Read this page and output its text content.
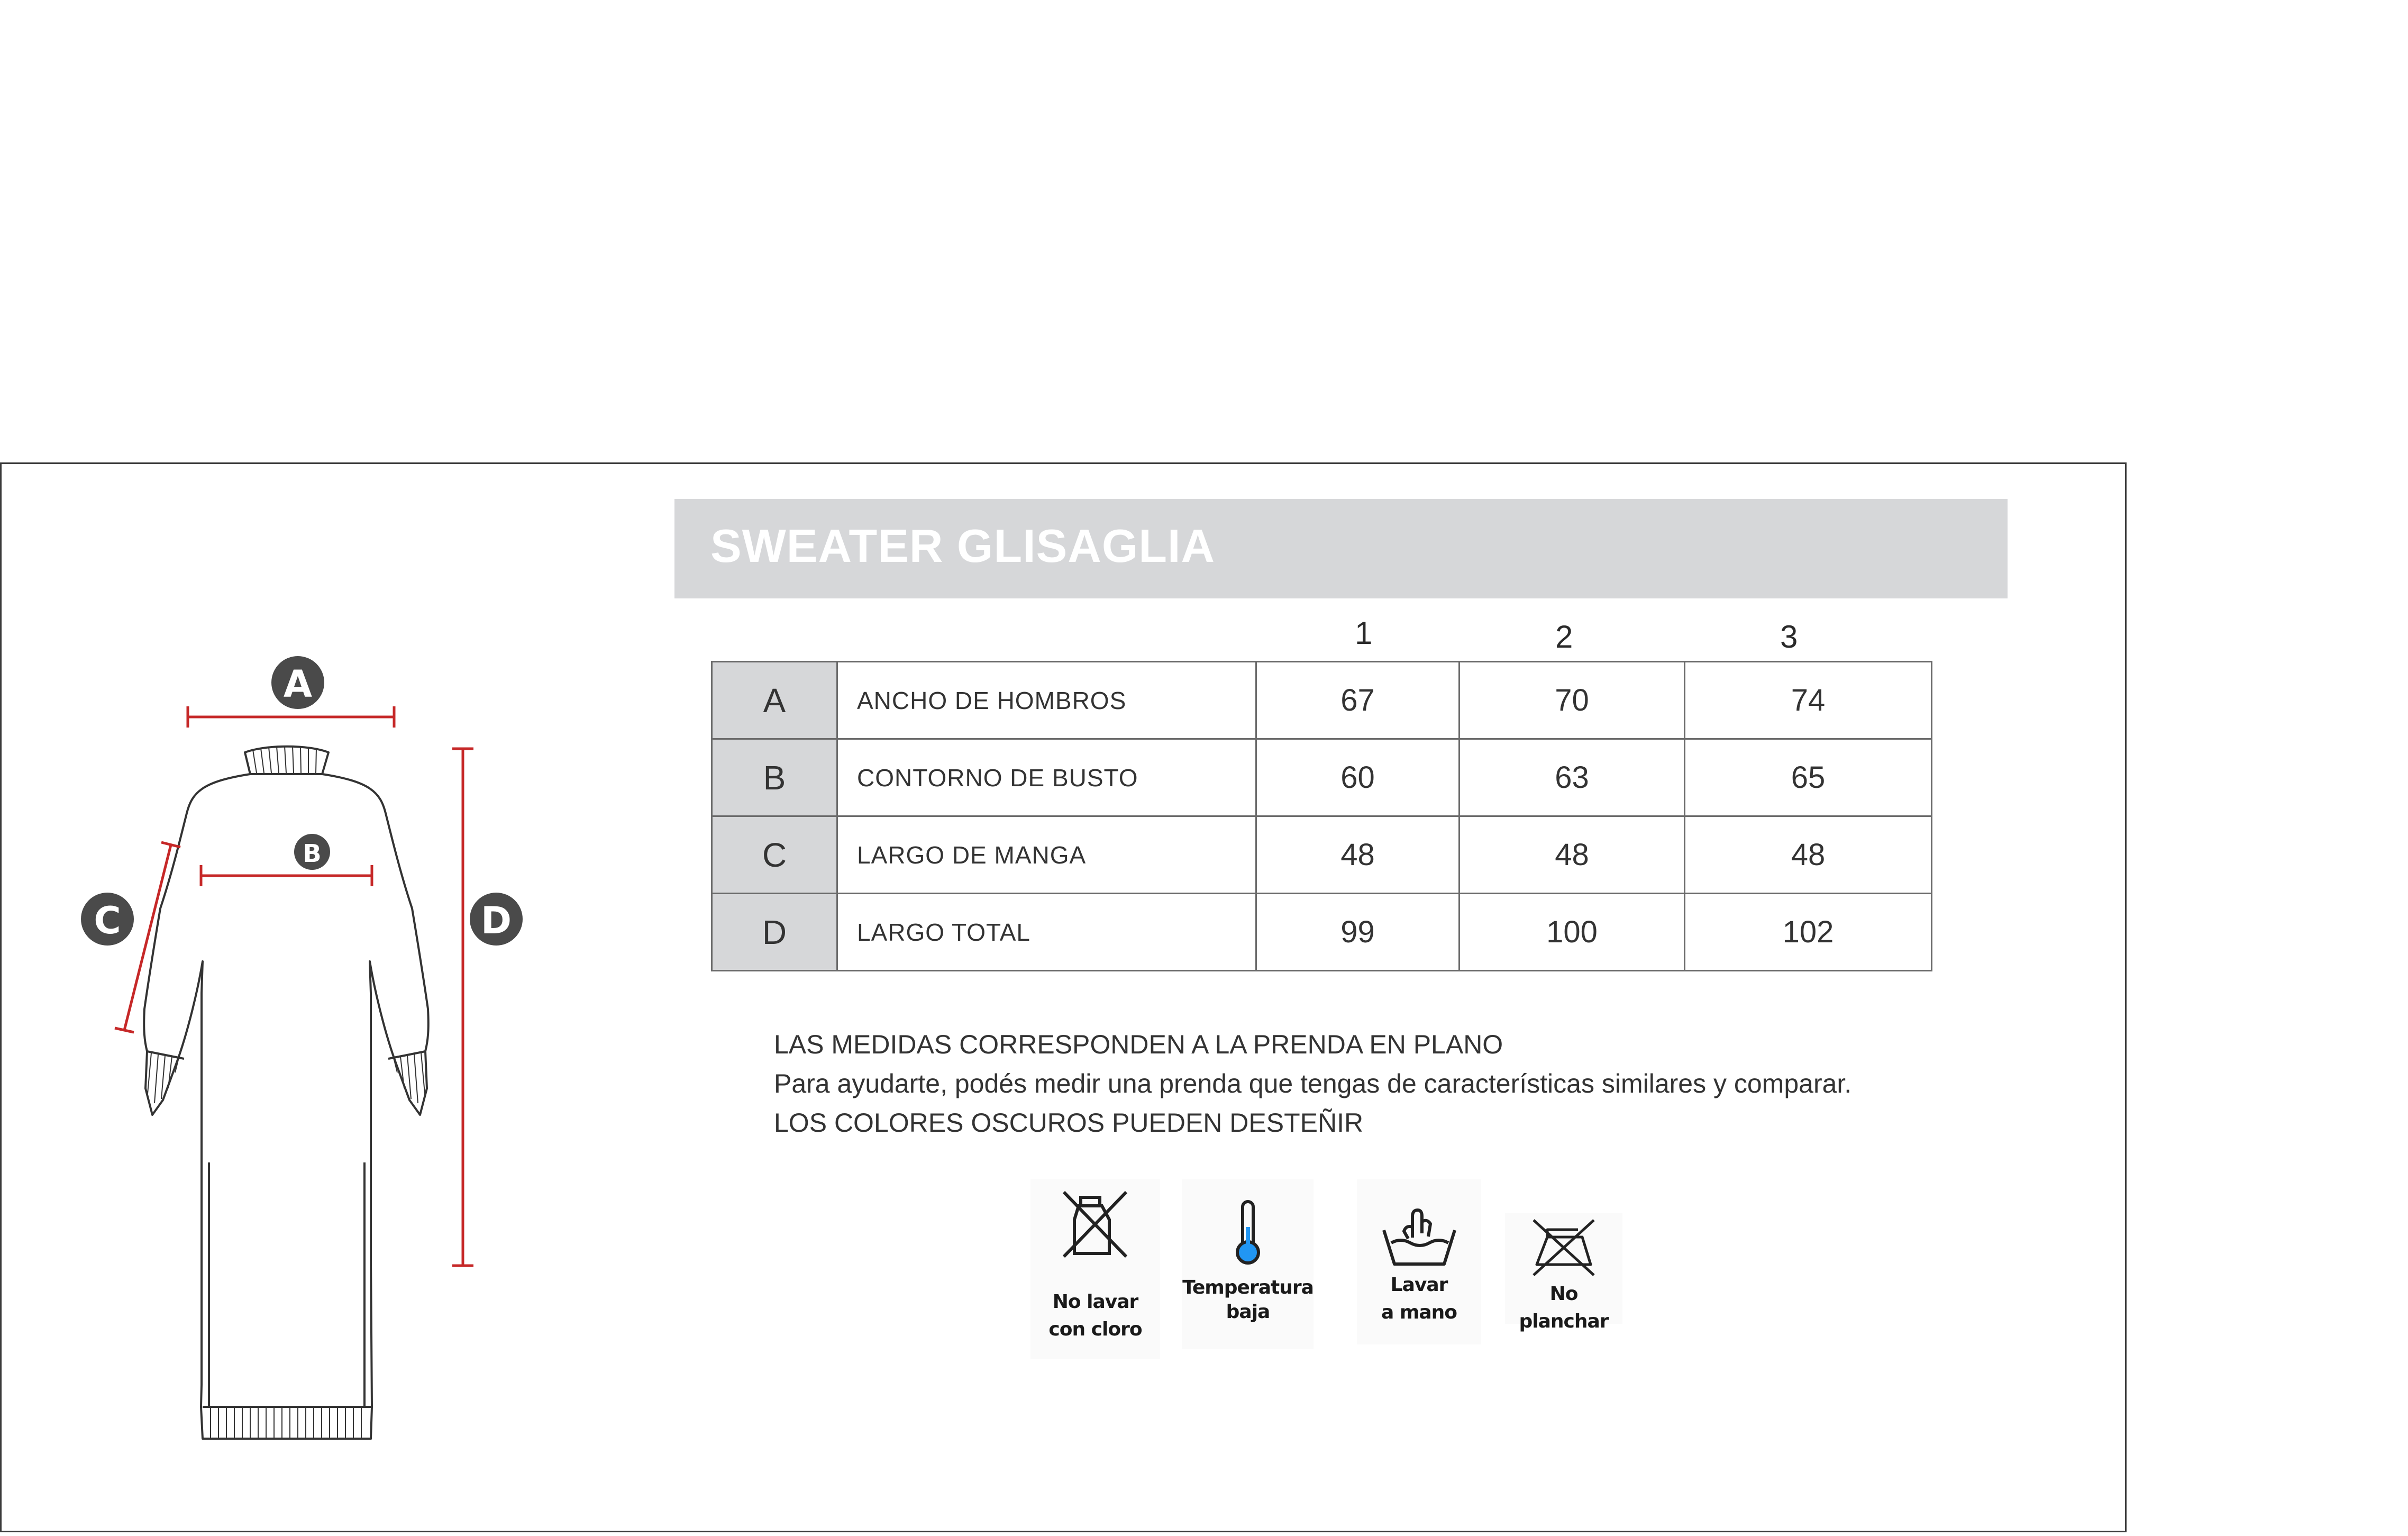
A
B
C	D
SWEATER GLISAGLIA
1	2	3
A	ANCHO DE HOMBROS	67	70	74
B	CONTORNO DE BUSTO	60	63	65
C	LARGO DE MANGA	48	48	48
D	LARGO TOTAL	99	100	102
LAS MEDIDAS CORRESPONDEN A LA PRENDA EN PLANO
Para ayudarte, podés medir una prenda que tengas de características similares y comparar.
LOS COLORES OSCUROS PUEDEN DESTEÑIR
No lavar
con cloro
Temperatura
baja
Lavar
a mano
No planchar
